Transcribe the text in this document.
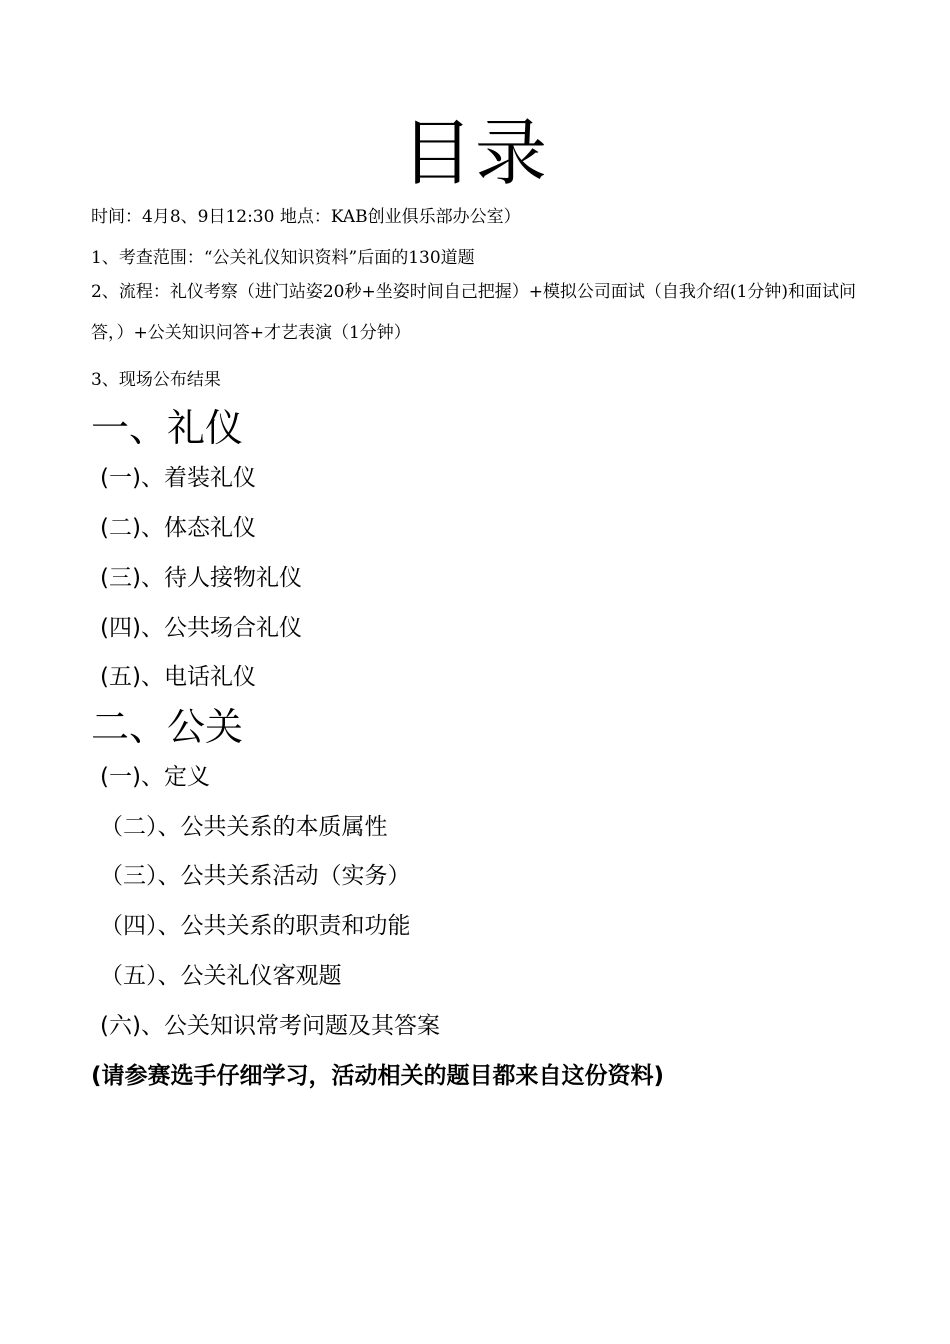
目录
时间：4月8、9日12:30 地点：KAB创业俱乐部办公室）
1、考查范围：“公关礼仪知识资料”后面的130道题
2、流程：礼仪考察（进门站姿20秒+坐姿时间自己把握）+模拟公司面试（自我介绍(1分钟)和面试问答，）+公关知识问答+才艺表演（1分钟）
3、现场公布结果
一、礼仪
(一)、着装礼仪
(二)、体态礼仪
(三)、待人接物礼仪
(四)、公共场合礼仪
(五)、电话礼仪
二、公关
(一)、定义
（二）、公共关系的本质属性
（三）、公共关系活动（实务）
（四）、公共关系的职责和功能
（五）、公关礼仪客观题
(六)、公关知识常考问题及其答案
(请参赛选手仔细学习，活动相关的题目都来自这份资料)
